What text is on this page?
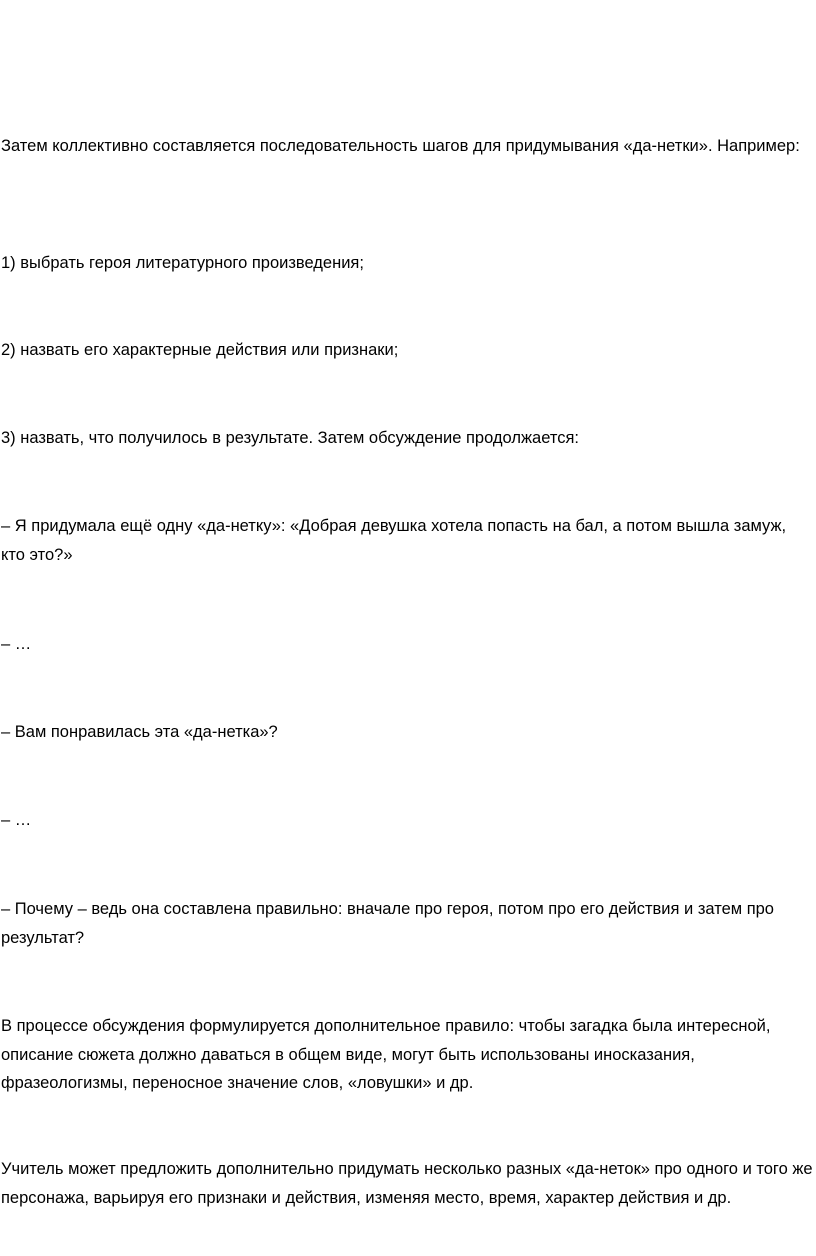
Затем коллективно составляется последовательность шагов для придумывания «да-нетки». Например:

1) выбрать героя литературного произведения;

2) назвать его характерные действия или признаки;

3) назвать, что получилось в результате. Затем обсуждение продолжается:

– Я придумала ещё одну «да-нетку»: «Добрая девушка хотела попасть на бал, а потом вышла замуж, кто это?»

– …

– Вам понравилась эта «да-нетка»?

– …

– Почему – ведь она составлена правильно: вначале про героя, потом про его действия и затем про результат?

В процессе обсуждения формулируется дополнительное правило: чтобы загадка была интересной, описание сюжета должно даваться в общем виде, могут быть использованы иносказания, фразеологизмы, переносное значение слов, «ловушки» и др.

Учитель может предложить дополнительно придумать несколько разных «да-неток» про одного и того же персонажа, варьируя его признаки и действия, изменяя место, время, характер действия и др.
